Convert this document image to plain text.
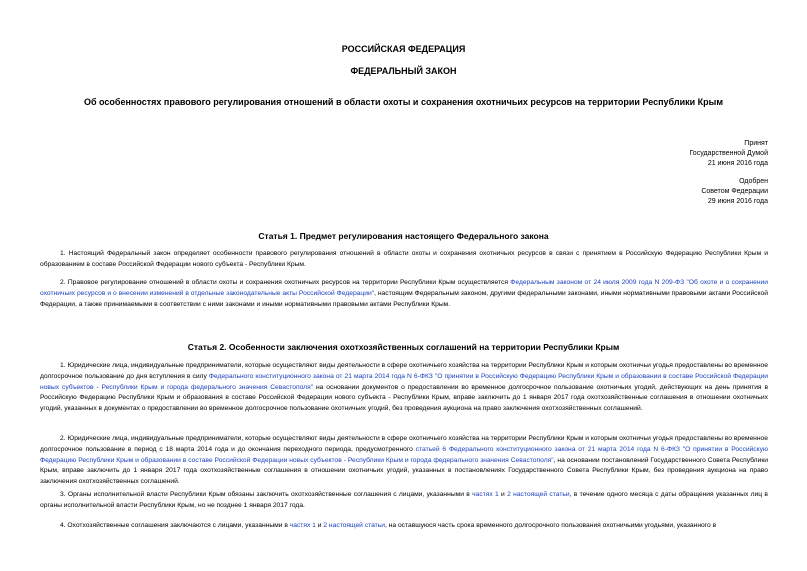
РОССИЙСКАЯ ФЕДЕРАЦИЯ
ФЕДЕРАЛЬНЫЙ ЗАКОН
Об особенностях правового регулирования отношений в области охоты и сохранения охотничьих ресурсов на территории Республики Крым
Принят
Государственной Думой
21 июня 2016 года
Одобрен
Советом Федерации
29 июня 2016 года
Статья 1. Предмет регулирования настоящего Федерального закона
1. Настоящий Федеральный закон определяет особенности правового регулирования отношений в области охоты и сохранения охотничьих ресурсов в связи с принятием в Российскую Федерацию Республики Крым и образованием в составе Российской Федерации нового субъекта - Республики Крым.
2. Правовое регулирование отношений в области охоты и сохранения охотничьих ресурсов на территории Республики Крым осуществляется Федеральным законом от 24 июля 2009 года N 209-ФЗ "Об охоте и о сохранении охотничьих ресурсов и о внесении изменений в отдельные законодательные акты Российской Федерации", настоящим Федеральным законом, другими федеральными законами, иными нормативными правовыми актами Российской Федерации, а также принимаемыми в соответствии с ними законами и иными нормативными правовыми актами Республики Крым.
Статья 2. Особенности заключения охотхозяйственных соглашений на территории Республики Крым
1. Юридические лица, индивидуальные предприниматели, которые осуществляют виды деятельности в сфере охотничьего хозяйства на территории Республики Крым и которым охотничьи угодья предоставлены во временное долгосрочное пользование до дня вступления в силу Федерального конституционного закона от 21 марта 2014 года N 6-ФКЗ "О принятии в Российскую Федерацию Республики Крым и образовании в составе Российской Федерации новых субъектов - Республики Крым и города федерального значения Севастополя" на основании документов о предоставлении во временное долгосрочное пользование охотничьих угодий, действующих на день принятия в Российскую Федерацию Республики Крым и образования в составе Российской Федерации нового субъекта - Республики Крым, вправе заключить до 1 января 2017 года охотхозяйственные соглашения в отношении охотничьих угодий, указанных в документах о предоставлении во временное долгосрочное пользование охотничьих угодий, без проведения аукциона на право заключения охотхозяйственных соглашений.
2. Юридические лица, индивидуальные предприниматели, которые осуществляют виды деятельности в сфере охотничьего хозяйства на территории Республики Крым и которым охотничьи угодья предоставлены во временное долгосрочное пользование в период с 18 марта 2014 года и до окончания переходного периода, предусмотренного статьей 6 Федерального конституционного закона от 21 марта 2014 года N 6-ФКЗ "О принятии в Российскую Федерацию Республики Крым и образовании в составе Российской Федерации новых субъектов - Республики Крым и города федерального значения Севастополя", на основании постановлений Государственного Совета Республики Крым, вправе заключить до 1 января 2017 года охотхозяйственные соглашения в отношении охотничьих угодий, указанных в постановлениях Государственного Совета Республики Крым, без проведения аукциона на право заключения охотхозяйственных соглашений.
3. Органы исполнительной власти Республики Крым обязаны заключить охотхозяйственные соглашения с лицами, указанными в частях 1 и 2 настоящей статьи, в течение одного месяца с даты обращения указанных лиц в органы исполнительной власти Республики Крым, но не позднее 1 января 2017 года.
4. Охотхозяйственные соглашения заключаются с лицами, указанными в частях 1 и 2 настоящей статьи, на оставшуюся часть срока временного долгосрочного пользования охотничьими угодьями, указанного в
